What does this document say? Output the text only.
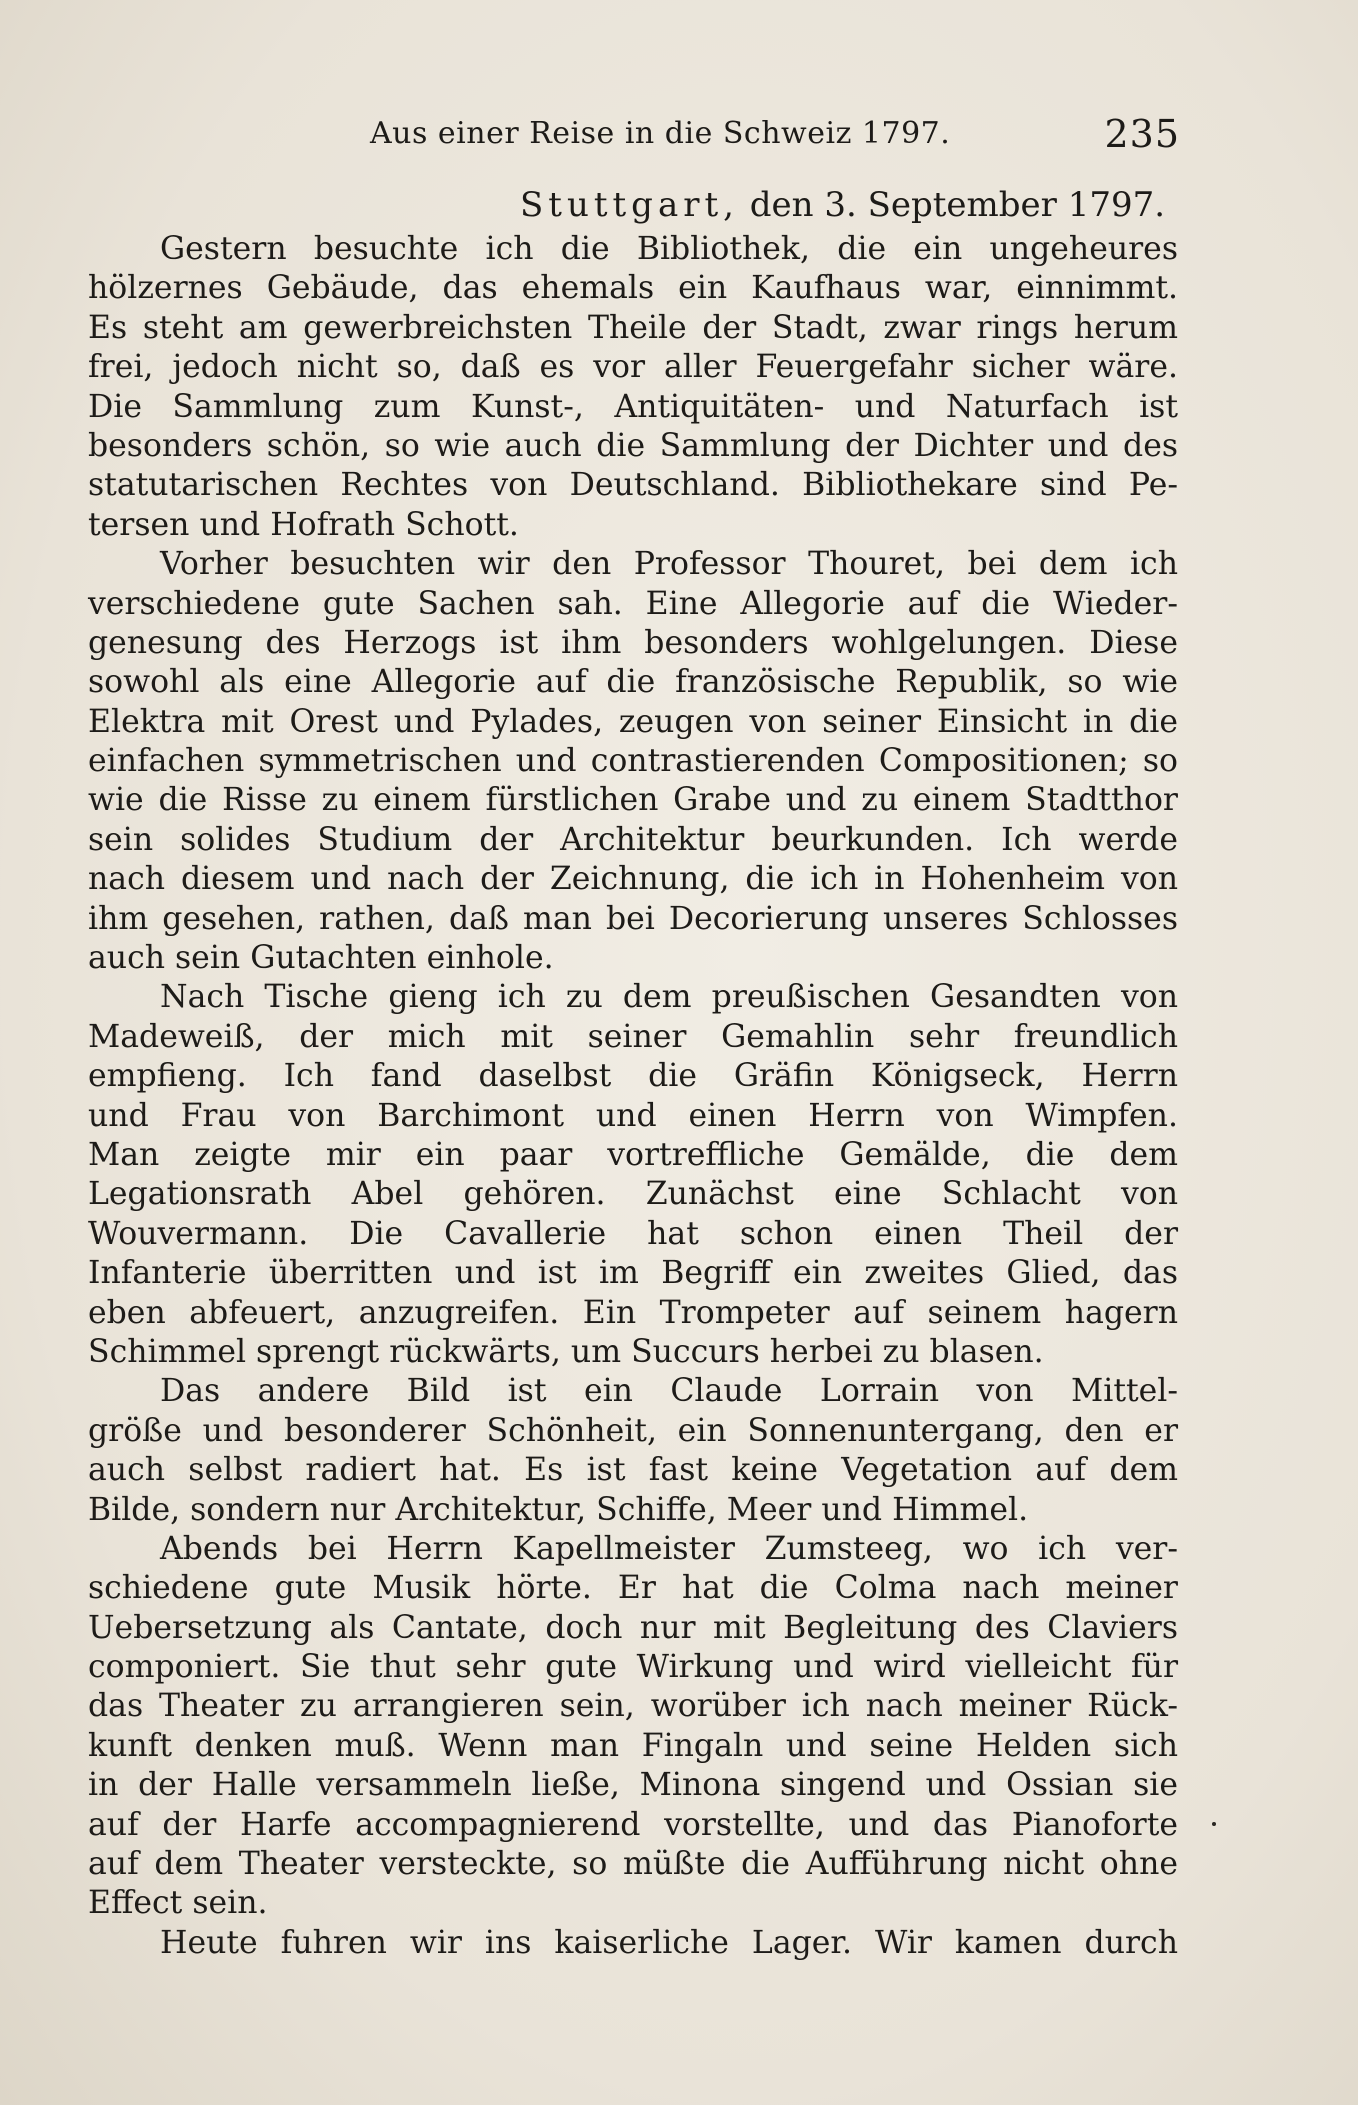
Aus einer Reise in die Schweiz 1797.	235
Stuttgart, den 3. September 1797.
Gestern besuchte ich die Bibliothek, die ein ungeheures
hölzernes Gebäude, das ehemals ein Kaufhaus war, einnimmt.
Es steht am gewerbreichsten Theile der Stadt, zwar rings herum
frei, jedoch nicht so, daß es vor aller Feuergefahr sicher wäre.
Die Sammlung zum Kunst-, Antiquitäten- und Naturfach ist
besonders schön, so wie auch die Sammlung der Dichter und des
statutarischen Rechtes von Deutschland. Bibliothekare sind Pe-
tersen und Hofrath Schott.
Vorher besuchten wir den Professor Thouret, bei dem ich
verschiedene gute Sachen sah. Eine Allegorie auf die Wieder-
genesung des Herzogs ist ihm besonders wohlgelungen. Diese
sowohl als eine Allegorie auf die französische Republik, so wie
Elektra mit Orest und Pylades, zeugen von seiner Einsicht in die
einfachen symmetrischen und contrastierenden Compositionen; so
wie die Risse zu einem fürstlichen Grabe und zu einem Stadtthor
sein solides Studium der Architektur beurkunden. Ich werde
nach diesem und nach der Zeichnung, die ich in Hohenheim von
ihm gesehen, rathen, daß man bei Decorierung unseres Schlosses
auch sein Gutachten einhole.
Nach Tische gieng ich zu dem preußischen Gesandten von
Madeweiß, der mich mit seiner Gemahlin sehr freundlich
empfieng. Ich fand daselbst die Gräfin Königseck, Herrn
und Frau von Barchimont und einen Herrn von Wimpfen.
Man zeigte mir ein paar vortreffliche Gemälde, die dem
Legationsrath Abel gehören. Zunächst eine Schlacht von
Wouvermann. Die Cavallerie hat schon einen Theil der
Infanterie überritten und ist im Begriff ein zweites Glied, das
eben abfeuert, anzugreifen. Ein Trompeter auf seinem hagern
Schimmel sprengt rückwärts, um Succurs herbei zu blasen.
Das andere Bild ist ein Claude Lorrain von Mittel-
größe und besonderer Schönheit, ein Sonnenuntergang, den er
auch selbst radiert hat. Es ist fast keine Vegetation auf dem
Bilde, sondern nur Architektur, Schiffe, Meer und Himmel.
Abends bei Herrn Kapellmeister Zumsteeg, wo ich ver-
schiedene gute Musik hörte. Er hat die Colma nach meiner
Uebersetzung als Cantate, doch nur mit Begleitung des Claviers
componiert. Sie thut sehr gute Wirkung und wird vielleicht für
das Theater zu arrangieren sein, worüber ich nach meiner Rück-
kunft denken muß. Wenn man Fingaln und seine Helden sich
in der Halle versammeln ließe, Minona singend und Ossian sie
auf der Harfe accompagnierend vorstellte, und das Pianoforte
auf dem Theater versteckte, so müßte die Aufführung nicht ohne
Effect sein.
Heute fuhren wir ins kaiserliche Lager. Wir kamen durch
